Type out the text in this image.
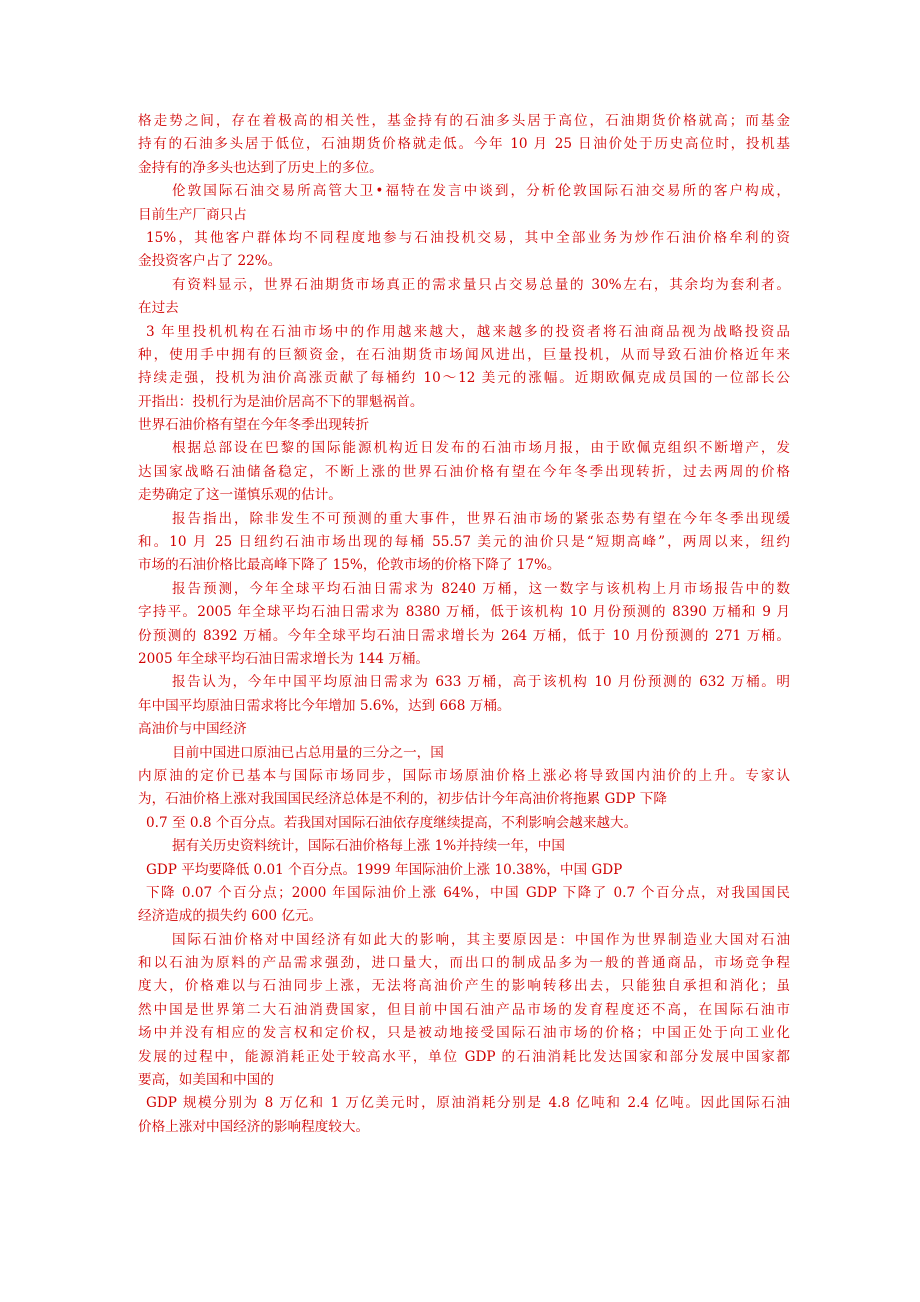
格走势之间，存在着极高的相关性，基金持有的石油多头居于高位，石油期货价格就高；而基金
持有的石油多头居于低位，石油期货价格就走低。今年 10 月 25 日油价处于历史高位时，投机基
金持有的净多头也达到了历史上的多位。
伦敦国际石油交易所高管大卫•福特在发言中谈到，分析伦敦国际石油交易所的客户构成，
目前生产厂商只占
15%，其他客户群体均不同程度地参与石油投机交易，其中全部业务为炒作石油价格牟利的资
金投资客户占了 22%。
有资料显示，世界石油期货市场真正的需求量只占交易总量的 30%左右，其余均为套利者。
在过去
3 年里投机机构在石油市场中的作用越来越大，越来越多的投资者将石油商品视为战略投资品
种，使用手中拥有的巨额资金，在石油期货市场闻风进出，巨量投机，从而导致石油价格近年来
持续走强，投机为油价高涨贡献了每桶约 10～12 美元的涨幅。近期欧佩克成员国的一位部长公
开指出：投机行为是油价居高不下的罪魁祸首。
世界石油价格有望在今年冬季出现转折
根据总部设在巴黎的国际能源机构近日发布的石油市场月报，由于欧佩克组织不断增产，发
达国家战略石油储备稳定，不断上涨的世界石油价格有望在今年冬季出现转折，过去两周的价格
走势确定了这一谨慎乐观的估计。
报告指出，除非发生不可预测的重大事件，世界石油市场的紧张态势有望在今年冬季出现缓
和。10 月 25 日纽约石油市场出现的每桶 55.57 美元的油价只是“短期高峰”，两周以来，纽约
市场的石油价格比最高峰下降了 15%，伦敦市场的价格下降了 17%。
报告预测，今年全球平均石油日需求为 8240 万桶，这一数字与该机构上月市场报告中的数
字持平。2005 年全球平均石油日需求为 8380 万桶，低于该机构 10 月份预测的 8390 万桶和 9 月
份预测的 8392 万桶。今年全球平均石油日需求增长为 264 万桶，低于 10 月份预测的 271 万桶。
2005 年全球平均石油日需求增长为 144 万桶。
报告认为，今年中国平均原油日需求为 633 万桶，高于该机构 10 月份预测的 632 万桶。明
年中国平均原油日需求将比今年增加 5.6%，达到 668 万桶。
高油价与中国经济
目前中国进口原油已占总用量的三分之一，国
内原油的定价已基本与国际市场同步，国际市场原油价格上涨必将导致国内油价的上升。专家认
为，石油价格上涨对我国国民经济总体是不利的，初步估计今年高油价将拖累 GDP 下降
0.7 至 0.8 个百分点。若我国对国际石油依存度继续提高，不利影响会越来越大。
据有关历史资料统计，国际石油价格每上涨 1%并持续一年，中国
GDP 平均要降低 0.01 个百分点。1999 年国际油价上涨 10.38%，中国 GDP
下降 0.07 个百分点；2000 年国际油价上涨 64%，中国 GDP 下降了 0.7 个百分点，对我国国民
经济造成的损失约 600 亿元。
国际石油价格对中国经济有如此大的影响，其主要原因是：中国作为世界制造业大国对石油
和以石油为原料的产品需求强劲，进口量大，而出口的制成品多为一般的普通商品，市场竞争程
度大，价格难以与石油同步上涨，无法将高油价产生的影响转移出去，只能独自承担和消化；虽
然中国是世界第二大石油消费国家，但目前中国石油产品市场的发育程度还不高，在国际石油市
场中并没有相应的发言权和定价权，只是被动地接受国际石油市场的价格；中国正处于向工业化
发展的过程中，能源消耗正处于较高水平，单位 GDP 的石油消耗比发达国家和部分发展中国家都
要高，如美国和中国的
GDP 规模分别为 8 万亿和 1 万亿美元时，原油消耗分别是 4.8 亿吨和 2.4 亿吨。因此国际石油
价格上涨对中国经济的影响程度较大。
